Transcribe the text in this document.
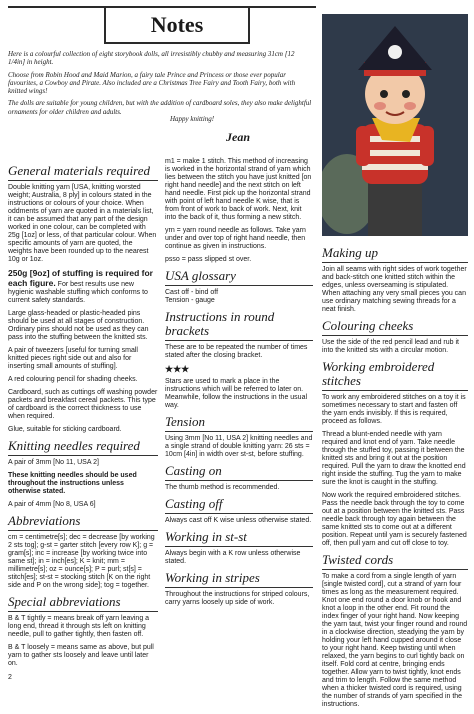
Notes

Here is a colourful collection of eight storybook dolls, all irresistibly chubby and measuring 31cm [12 1/4in] in height.

Choose from Robin Hood and Maid Marion, a fairy tale Prince and Princess or those ever popular favourites, a Cowboy and Pirate. Also included are a Christmas Tree Fairy and Tooth Fairy, both with knitted wings!

The dolls are suitable for young children, but with the addition of cardboard soles, they also make delightful ornaments for older children and adults.

Happy knitting!
Jean
General materials required

Double knitting yarn [USA, knitting worsted weight; Australia, 8 ply] in colours stated in the instructions or colours of your choice. When oddments of yarn are quoted in a materials list, it can be assumed that any part of the design worked in one colour, can be completed with 25g [1oz] or less, of that particular colour. When specific amounts of yarn are quoted, the weights have been rounded up to the nearest 10g or 1oz.

250g [9oz] of stuffing is required for each figure. For best results use new hygienic washable stuffing which conforms to current safety standards.

Large glass-headed or plastic-headed pins should be used at all stages of construction. Ordinary pins should not be used as they can pass into the stuffing between the knitted sts.

A pair of tweezers [useful for turning small knitted pieces right side out and also for inserting small amounts of stuffing].

A red colouring pencil for shading cheeks.

Cardboard, such as cuttings off washing powder packets and breakfast cereal packets. This type of cardboard is the correct thickness to use when required.

Glue, suitable for sticking cardboard.

Knitting needles required

A pair of 3mm [No 11, USA 2]

These knitting needles should be used throughout the instructions unless otherwise stated.

A pair of 4mm [No 8, USA 6]

Abbreviations

cm = centimetre[s]; dec = decrease [by working 2 sts tog]; g-st = garter stitch [every row K]; g = gram[s]; inc = increase [by working twice into same st]; in = inch[es]; K = knit; mm = millimetre[s]; oz = ounce[s]; P = purl; st[s] = stitch[es]; st-st = stocking stitch [K on the right side and P on the wrong side]; tog = together.

Special abbreviations

B & T tightly = means break off yarn leaving a long end, thread it through sts left on knitting needle, pull to gather tightly, then fasten off.

B & T loosely = means same as above, but pull yarn to gather sts loosely and leave until later on.

m1 = make 1 stitch. This method of increasing is worked in the horizontal strand of yarn which lies between the stitch you have just knitted [on right hand needle] and the next stitch on left hand needle. First pick up the horizontal strand with point of left hand needle K wise, that is from front of work to back of work. Next, knit into the back of it, thus forming a new stitch.

yrn = yarn round needle as follows. Take yarn under and over top of right hand needle, then continue as given in instructions.

psso = pass slipped st over.

USA glossary
Cast off - bind off

Tension - gauge

Instructions in round brackets

These are to be repeated the number of times stated after the closing bracket.

★★★

Stars are used to mark a place in the instructions which will be referred to later on. Meanwhile, follow the instructions in the usual way.

Tension

Using 3mm [No 11, USA 2] knitting needles and a single strand of double knitting yarn: 26 sts = 10cm [4in] in width over st-st, before stuffing.

Casting on

The thumb method is recommended.

Casting off

Always cast off K wise unless otherwise stated.

Working in st-st

Always begin with a K row unless otherwise stated.

Working in stripes

Throughout the instructions for striped colours, carry yarns loosely up side of work.

Making up

Join all seams with right sides of work together and back-stitch one knitted stitch within the edges, unless overseaming is stipulated. When attaching any very small pieces you can use ordinary matching sewing threads for a neat finish.

Colouring cheeks

Use the side of the red pencil lead and rub it into the knitted sts with a circular motion.

Working embroidered stitches

To work any embroidered stitches on a toy it is sometimes necessary to start and fasten off the yarn ends invisibly. If this is required, proceed as follows.

Thread a blunt-ended needle with yarn required and knot end of yarn. Take needle through the stuffed toy, passing it between the knitted sts and bring it out at the position required. Pull the yarn to draw the knotted end right inside the stuffing. Tug the yarn to make sure the knot is caught in the stuffing.

Now work the required embroidered stitches. Pass the needle back through the toy to come out at a position between the knitted sts. Pass needle back through toy again between the same knitted sts to come out at a different position. Repeat until yarn is securely fastened off, then pull yarn and cut off close to toy.

Twisted cords

To make a cord from a single length of yarn [single twisted cord], cut a strand of yarn four times as long as the measurement required. Knot one end round a door knob or hook and knot a loop in the other end. Fit round the index finger of your right hand. Now keeping the yarn taut, twist your finger round and round in a clockwise direction, steadying the yarn by holding your left hand cupped around it close to your right hand. Keep twisting until when relaxed, the yarn begins to curl tightly back on itself. Fold cord at centre, bringing ends together. Allow yarn to twist tightly, knot ends and trim to length. Follow the same method when a thicker twisted cord is required, using the number of strands of yarn specified in the instructions.

2
